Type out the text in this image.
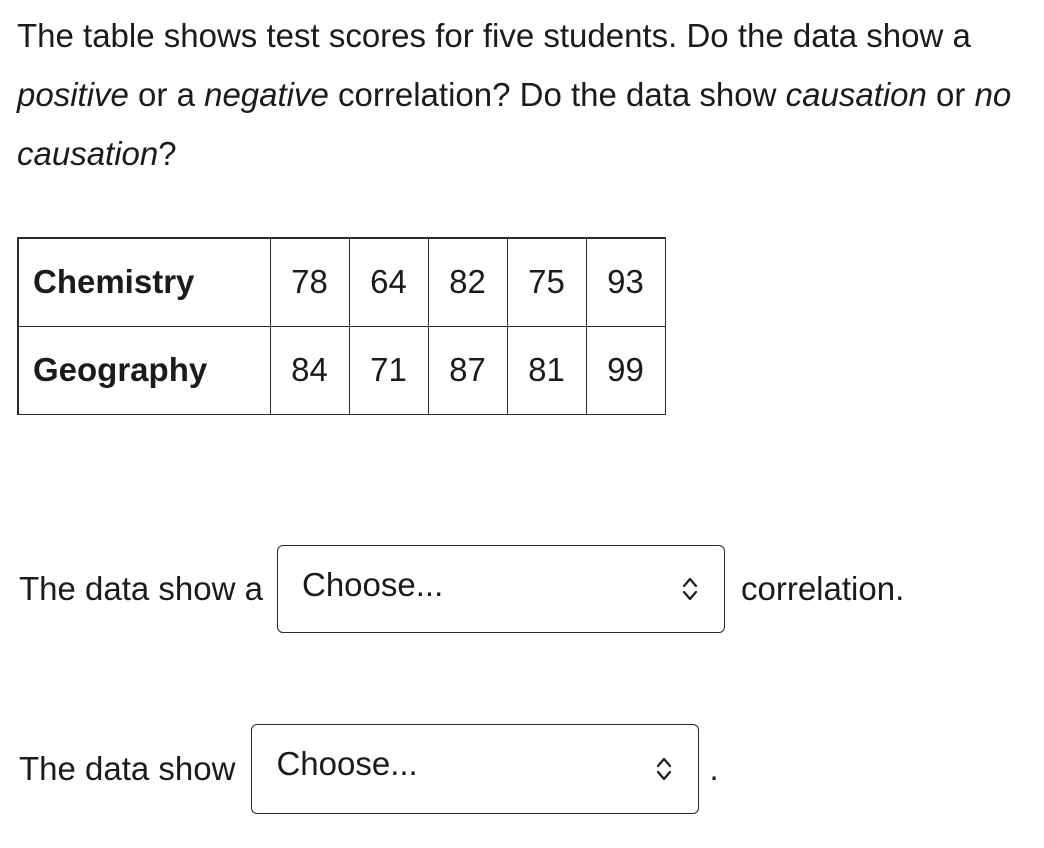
The table shows test scores for five students. Do the data show a positive or a negative correlation? Do the data show causation or no causation?

Chemistry	78	64	82	75	93
Geography	84	71	87	81	99
The data show a Choose...	correlation.
The data show Choose...	.
